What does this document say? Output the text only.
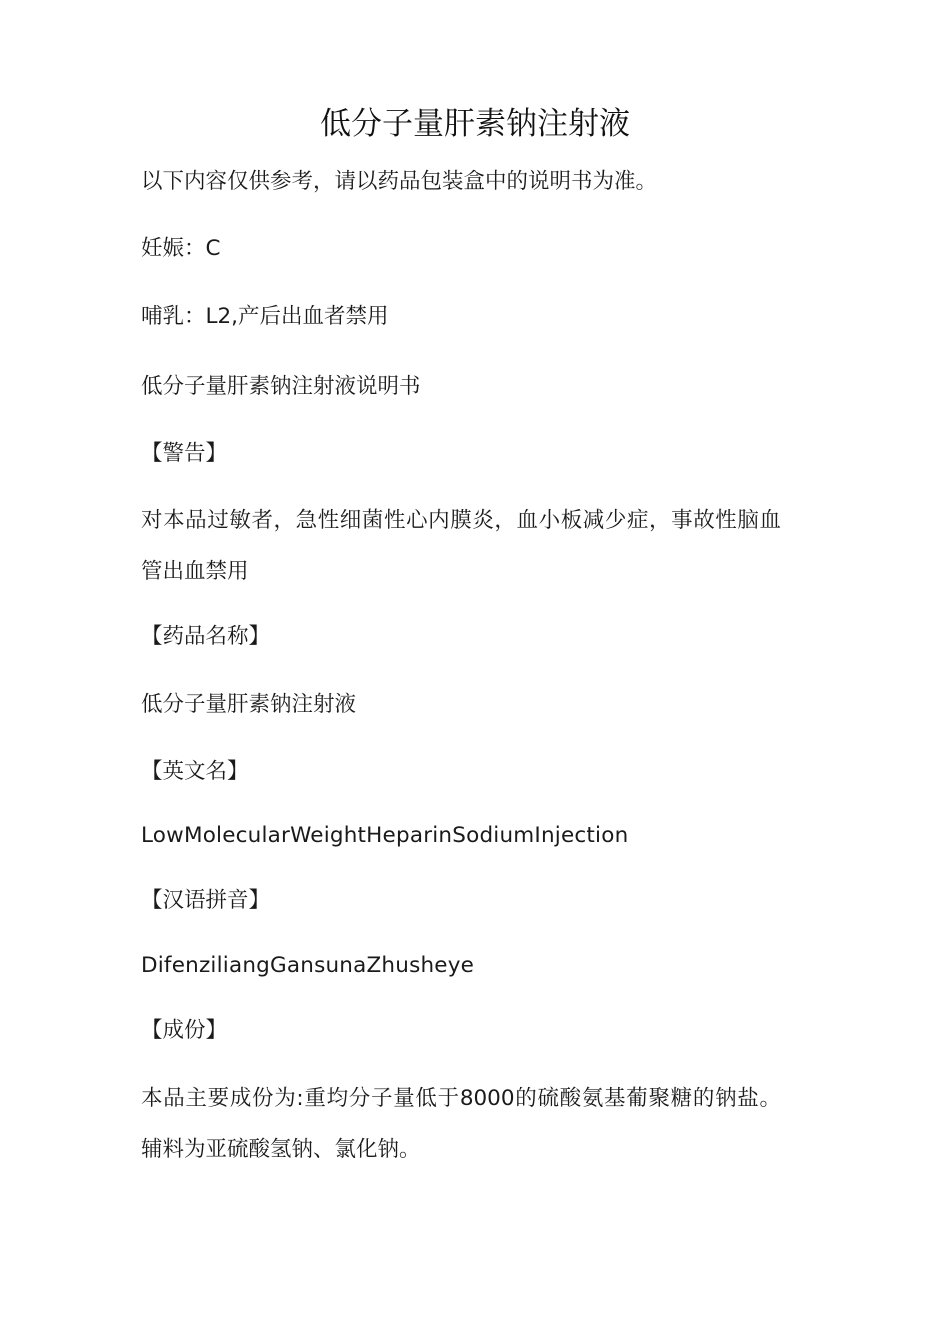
低分子量肝素钠注射液
以下内容仅供参考，请以药品包装盒中的说明书为准。
妊娠：C
哺乳：L2,产后出血者禁用
低分子量肝素钠注射液说明书
【警告】
对本品过敏者，急性细菌性心内膜炎，血小板减少症，事故性脑血管出血禁用
【药品名称】
低分子量肝素钠注射液
【英文名】
LowMolecularWeightHeparinSodiumInjection
【汉语拼音】
DifenziliangGansunaZhusheye
【成份】
本品主要成份为:重均分子量低于8000的硫酸氨基葡聚糖的钠盐。辅料为亚硫酸氢钠、氯化钠。
